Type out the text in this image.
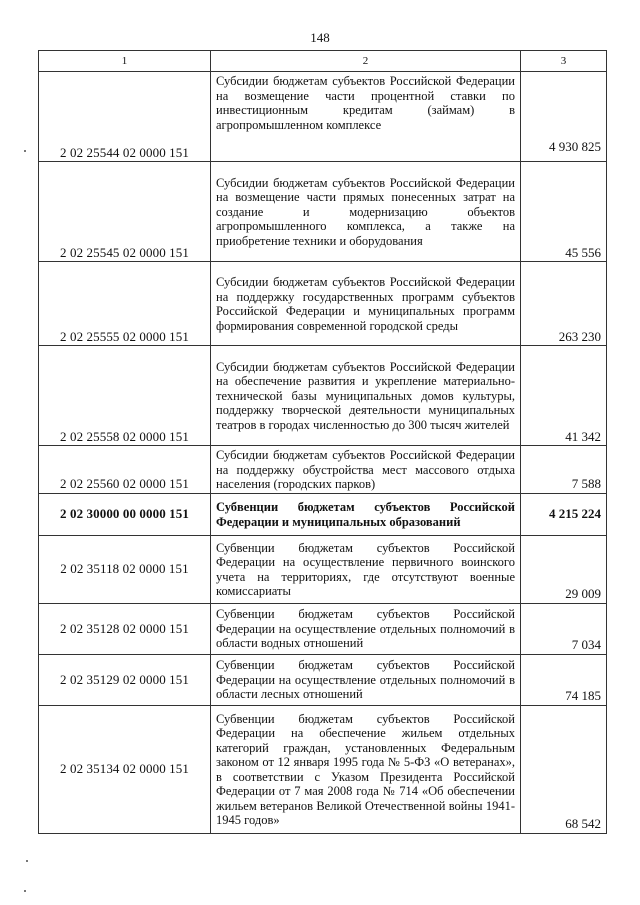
148
1	2	3
2 02 25544 02 0000 151	Субсидии бюджетам субъектов Российской Федерации на возмещение части процентной ставки по инвестиционным кредитам (займам) в агропромышленном комплексе	4 930 825
2 02 25545 02 0000 151	Субсидии бюджетам субъектов Российской Федерации на возмещение части прямых понесенных затрат на создание и модернизацию объектов агропромышленного комплекса, а также на приобретение техники и оборудования	45 556
2 02 25555 02 0000 151	Субсидии бюджетам субъектов Российской Федерации на поддержку государственных программ субъектов Российской Федерации и муниципальных программ формирования современной городской среды	263 230
2 02 25558 02 0000 151	Субсидии бюджетам субъектов Российской Федерации на обеспечение развития и укрепление материально-технической базы муниципальных домов культуры, поддержку творческой деятельности муниципальных театров в городах численностью до 300 тысяч жителей	41 342
2 02 25560 02 0000 151	Субсидии бюджетам субъектов Российской Федерации на поддержку обустройства мест массового отдыха населения (городских парков)	7 588
2 02 30000 00 0000 151	Субвенции бюджетам субъектов Российской Федерации и муниципальных образований	4 215 224
2 02 35118 02 0000 151	Субвенции бюджетам субъектов Российской Федерации на осуществление первичного воинского учета на территориях, где отсутствуют военные комиссариаты	29 009
2 02 35128 02 0000 151	Субвенции бюджетам субъектов Российской Федерации на осуществление отдельных полномочий в области водных отношений	7 034
2 02 35129 02 0000 151	Субвенции бюджетам субъектов Российской Федерации на осуществление отдельных полномочий в области лесных отношений	74 185
2 02 35134 02 0000 151	Субвенции бюджетам субъектов Российской Федерации на обеспечение жильем отдельных категорий граждан, установленных Федеральным законом от 12 января 1995 года № 5-ФЗ «О ветеранах», в соответствии с Указом Президента Российской Федерации от 7 мая 2008 года № 714 «Об обеспечении жильем ветеранов Великой Отечественной войны 1941-1945 годов»	68 542
